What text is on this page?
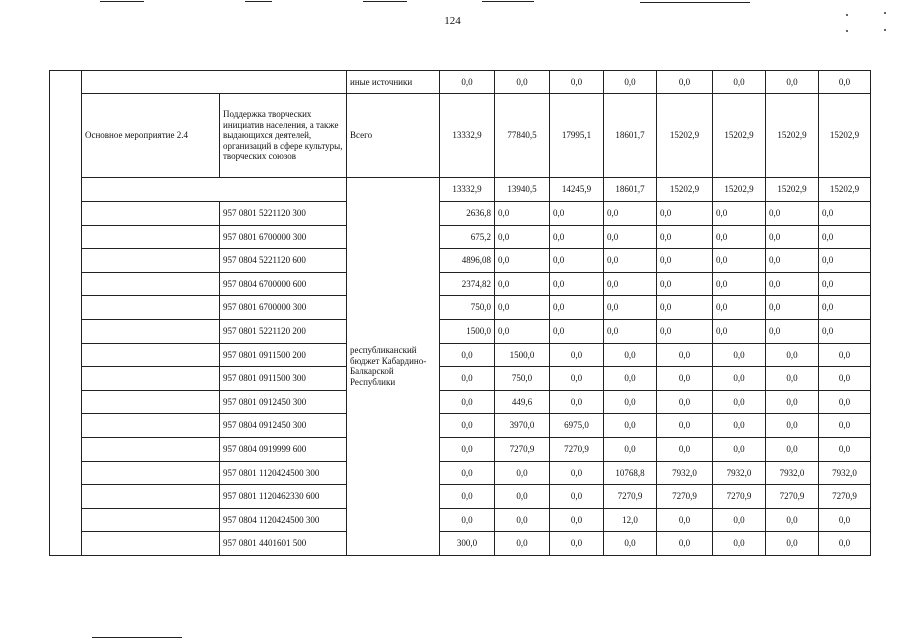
124
			иные источники	0,0	0,0	0,0	0,0	0,0	0,0	0,0	0,0
	Основное мероприятие 2.4	Поддержка творческих инициатив населения, а также выдающихся деятелей, организаций в сфере культуры, творческих союзов	Всего	13332,9	77840,5	17995,1	18601,7	15202,9	15202,9	15202,9	15202,9
			республиканский бюджет Кабардино-Балкарской Республики	13332,9	13940,5	14245,9	18601,7	15202,9	15202,9	15202,9	15202,9
		957 0801 5221120 300		2636,8	0,0	0,0	0,0	0,0	0,0	0,0	0,0
		957 0801 6700000 300		675,2	0,0	0,0	0,0	0,0	0,0	0,0	0,0
		957 0804 5221120 600		4896,08	0,0	0,0	0,0	0,0	0,0	0,0	0,0
		957 0804 6700000 600		2374,82	0,0	0,0	0,0	0,0	0,0	0,0	0,0
		957 0801 6700000 300		750,0	0,0	0,0	0,0	0,0	0,0	0,0	0,0
		957 0801 5221120 200		1500,0	0,0	0,0	0,0	0,0	0,0	0,0	0,0
		957 0801 0911500 200		0,0	1500,0	0,0	0,0	0,0	0,0	0,0	0,0
		957 0801 0911500 300		0,0	750,0	0,0	0,0	0,0	0,0	0,0	0,0
		957 0801 0912450 300		0,0	449,6	0,0	0,0	0,0	0,0	0,0	0,0
		957 0804 0912450 300		0,0	3970,0	6975,0	0,0	0,0	0,0	0,0	0,0
		957 0804 0919999 600		0,0	7270,9	7270,9	0,0	0,0	0,0	0,0	0,0
		957 0801 1120424500 300		0,0	0,0	0,0	10768,8	7932,0	7932,0	7932,0	7932,0
		957 0801 1120462330 600		0,0	0,0	0,0	7270,9	7270,9	7270,9	7270,9	7270,9
		957 0804 1120424500 300		0,0	0,0	0,0	12,0	0,0	0,0	0,0	0,0
		957 0801 4401601 500		300,0	0,0	0,0	0,0	0,0	0,0	0,0	0,0
